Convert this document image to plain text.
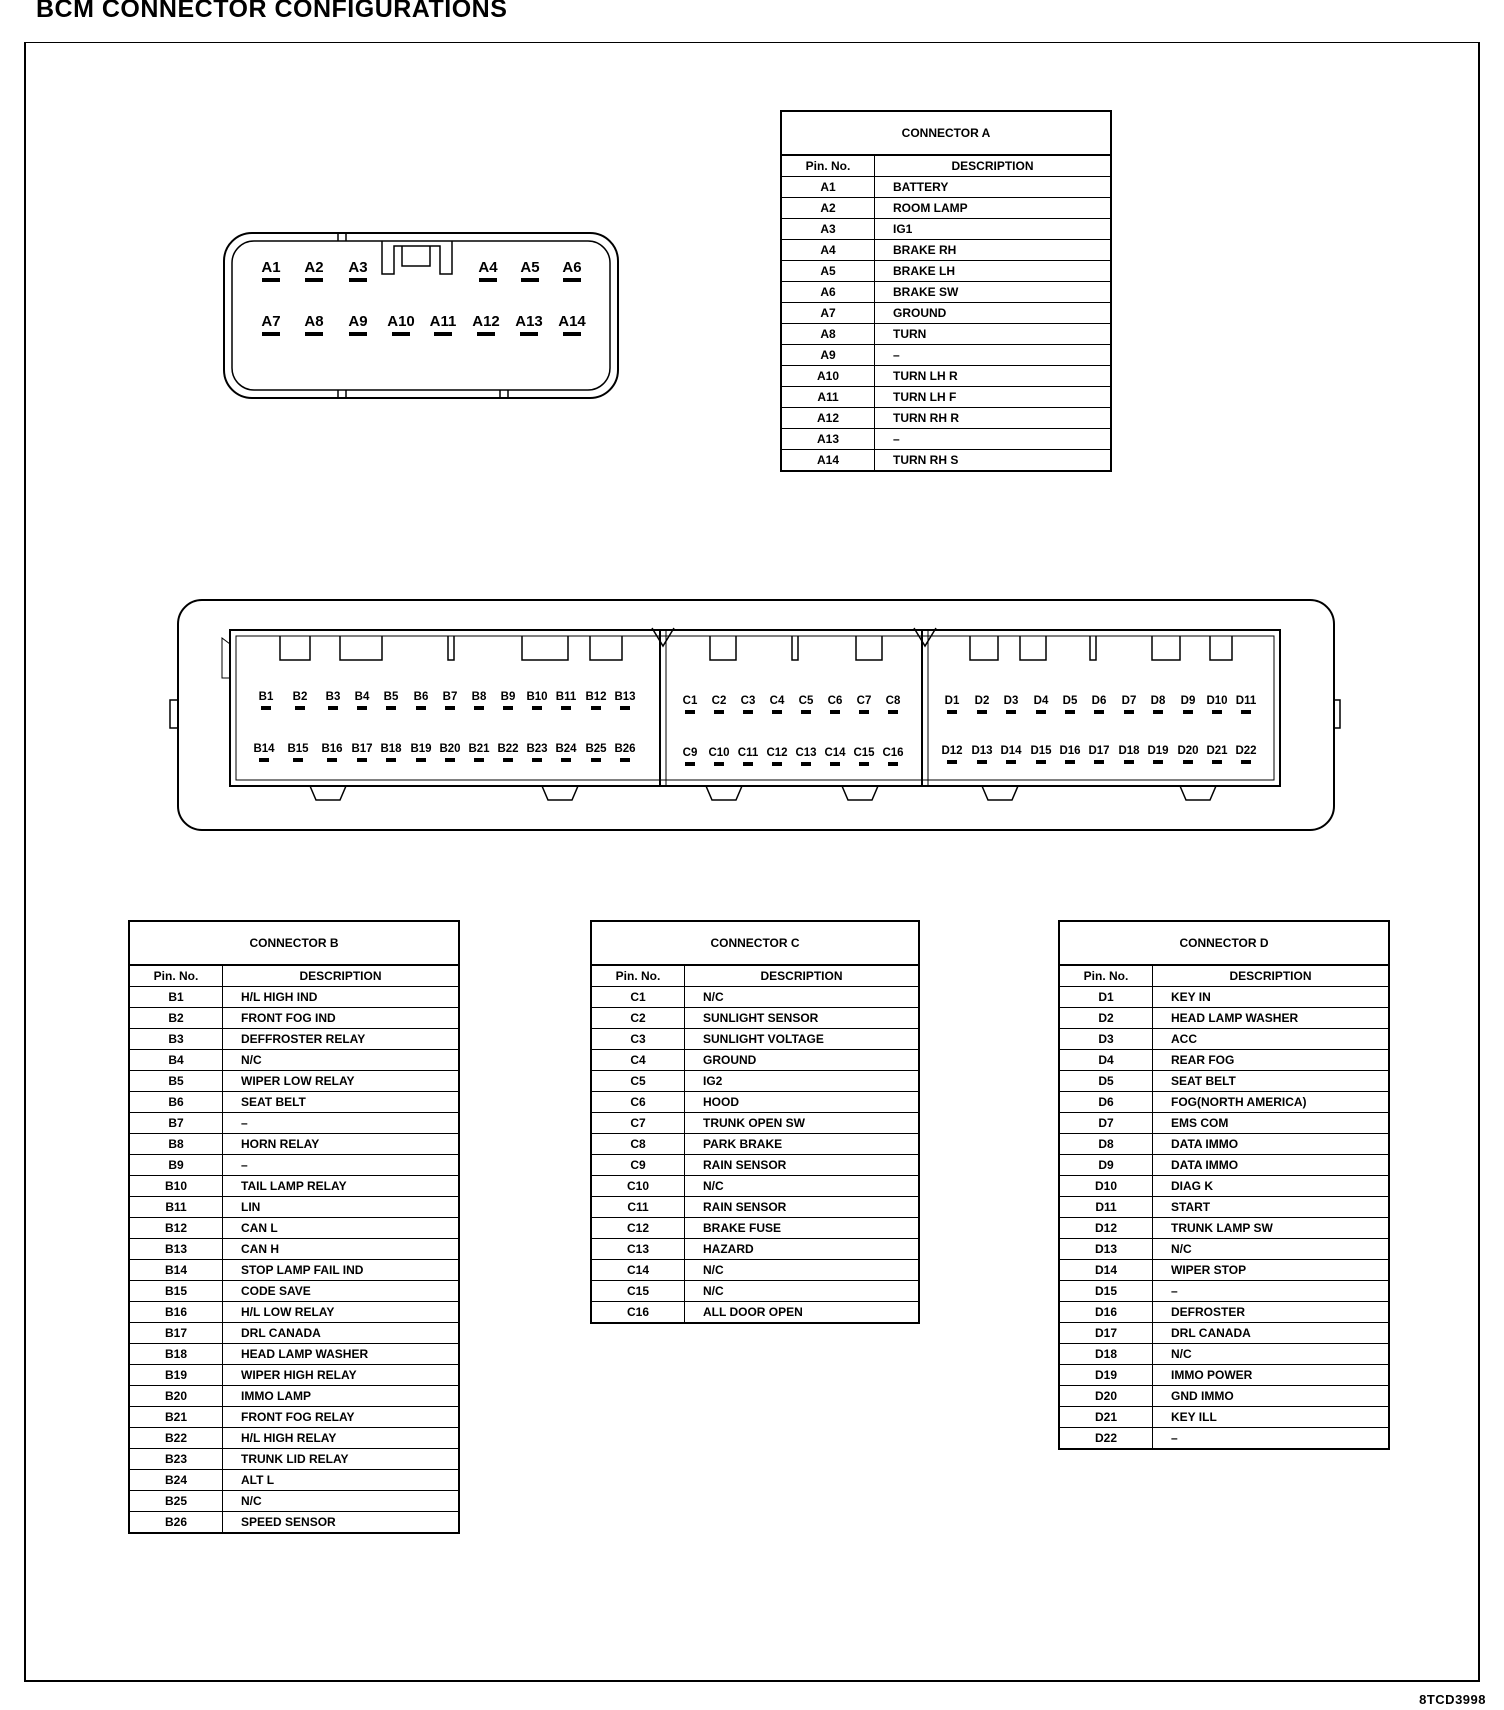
BCM CONNECTOR CONFIGURATIONS
A1 A2 A3	A4 A5 A6
A7 A8 A9 A10 A11 A12 A13 A14
B1 B2 B3 B4 B5 B6 B7 B8 B9 B10 B11 B12 B13
B14 B15 B16 B17 B18 B19 B20 B21 B22 B23 B24 B25 B26
C1 C2 C3 C4 C5 C6 C7 C8
C9 C10 C11 C12 C13 C14 C15 C16
D1 D2 D3 D4 D5 D6 D7 D8 D9 D10 D11
D12 D13 D14 D15 D16 D17 D18 D19 D20 D21 D22
CONNECTOR A
Pin. No.	DESCRIPTION
A1	BATTERY
A2	ROOM LAMP
A3	IG1
A4	BRAKE RH
A5	BRAKE LH
A6	BRAKE SW
A7	GROUND
A8	TURN
A9	–
A10	TURN LH R
A11	TURN LH F
A12	TURN RH R
A13	–
A14	TURN RH S
CONNECTOR B
Pin. No.	DESCRIPTION
B1	H/L HIGH IND
B2	FRONT FOG IND
B3	DEFFROSTER RELAY
B4	N/C
B5	WIPER LOW RELAY
B6	SEAT BELT
B7	–
B8	HORN RELAY
B9	–
B10	TAIL LAMP RELAY
B11	LIN
B12	CAN L
B13	CAN H
B14	STOP LAMP FAIL IND
B15	CODE SAVE
B16	H/L LOW RELAY
B17	DRL CANADA
B18	HEAD LAMP WASHER
B19	WIPER HIGH RELAY
B20	IMMO LAMP
B21	FRONT FOG RELAY
B22	H/L HIGH RELAY
B23	TRUNK LID RELAY
B24	ALT L
B25	N/C
B26	SPEED SENSOR
CONNECTOR C
Pin. No.	DESCRIPTION
C1	N/C
C2	SUNLIGHT SENSOR
C3	SUNLIGHT VOLTAGE
C4	GROUND
C5	IG2
C6	HOOD
C7	TRUNK OPEN SW
C8	PARK BRAKE
C9	RAIN SENSOR
C10	N/C
C11	RAIN SENSOR
C12	BRAKE FUSE
C13	HAZARD
C14	N/C
C15	N/C
C16	ALL DOOR OPEN
CONNECTOR D
Pin. No.	DESCRIPTION
D1	KEY IN
D2	HEAD LAMP WASHER
D3	ACC
D4	REAR FOG
D5	SEAT BELT
D6	FOG(NORTH AMERICA)
D7	EMS COM
D8	DATA IMMO
D9	DATA IMMO
D10	DIAG K
D11	START
D12	TRUNK LAMP SW
D13	N/C
D14	WIPER STOP
D15	–
D16	DEFROSTER
D17	DRL CANADA
D18	N/C
D19	IMMO POWER
D20	GND IMMO
D21	KEY ILL
D22	–
8TCD3998
